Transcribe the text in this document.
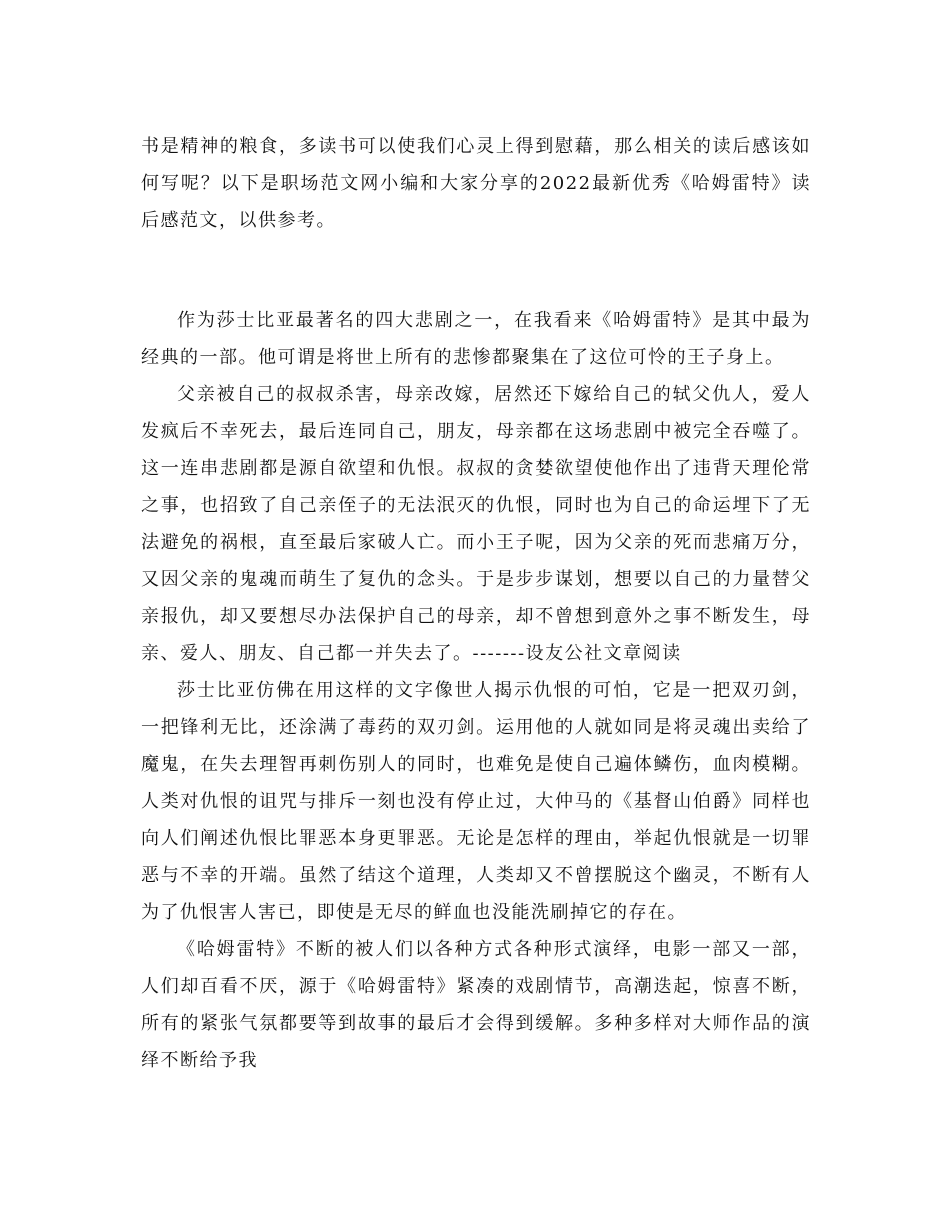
书是精神的粮食，多读书可以使我们心灵上得到慰藉，那么相关的读后感该如何写呢？以下是职场范文网小编和大家分享的2022最新优秀《哈姆雷特》读后感范文，以供参考。

作为莎士比亚最著名的四大悲剧之一，在我看来《哈姆雷特》是其中最为经典的一部。他可谓是将世上所有的悲惨都聚集在了这位可怜的王子身上。

父亲被自己的叔叔杀害，母亲改嫁，居然还下嫁给自己的轼父仇人，爱人发疯后不幸死去，最后连同自己，朋友，母亲都在这场悲剧中被完全吞噬了。这一连串悲剧都是源自欲望和仇恨。叔叔的贪婪欲望使他作出了违背天理伦常之事，也招致了自己亲侄子的无法泯灭的仇恨，同时也为自己的命运埋下了无法避免的祸根，直至最后家破人亡。而小王子呢，因为父亲的死而悲痛万分，又因父亲的鬼魂而萌生了复仇的念头。于是步步谋划，想要以自己的力量替父亲报仇，却又要想尽办法保护自己的母亲，却不曾想到意外之事不断发生，母亲、爱人、朋友、自己都一并失去了。-------设友公社文章阅读

莎士比亚仿佛在用这样的文字像世人揭示仇恨的可怕，它是一把双刃剑，一把锋利无比，还涂满了毒药的双刃剑。运用他的人就如同是将灵魂出卖给了魔鬼，在失去理智再刺伤别人的同时，也难免是使自己遍体鳞伤，血肉模糊。人类对仇恨的诅咒与排斥一刻也没有停止过，大仲马的《基督山伯爵》同样也向人们阐述仇恨比罪恶本身更罪恶。无论是怎样的理由，举起仇恨就是一切罪恶与不幸的开端。虽然了结这个道理，人类却又不曾摆脱这个幽灵，不断有人为了仇恨害人害已，即使是无尽的鲜血也没能洗刷掉它的存在。

《哈姆雷特》不断的被人们以各种方式各种形式演绎，电影一部又一部，人们却百看不厌，源于《哈姆雷特》紧凑的戏剧情节，高潮迭起，惊喜不断，所有的紧张气氛都要等到故事的最后才会得到缓解。多种多样对大师作品的演绎不断给予我
